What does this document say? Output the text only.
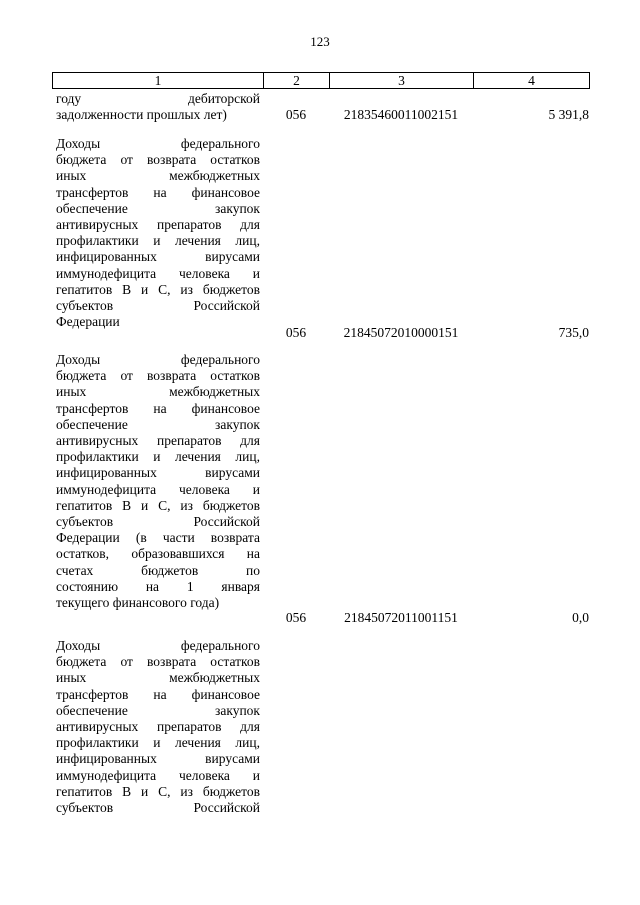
123
1	2	3	4
году дебиторской
задолженности прошлых лет)	056	21835460011002151	5 391,8
Доходы федерального
бюджета от возврата остатков
иных межбюджетных
трансфертов на финансовое
обеспечение закупок
антивирусных препаратов для
профилактики и лечения лиц,
инфицированных вирусами
иммунодефицита человека и
гепатитов В и С, из бюджетов
субъектов Российской
Федерации
056	21845072010000151	735,0
Доходы федерального
бюджета от возврата остатков
иных межбюджетных
трансфертов на финансовое
обеспечение закупок
антивирусных препаратов для
профилактики и лечения лиц,
инфицированных вирусами
иммунодефицита человека и
гепатитов В и С, из бюджетов
субъектов Российской
Федерации (в части возврата
остатков, образовавшихся на
счетах бюджетов по
состоянию на 1 января
текущего финансового года)
056	21845072011001151	0,0
Доходы федерального
бюджета от возврата остатков
иных межбюджетных
трансфертов на финансовое
обеспечение закупок
антивирусных препаратов для
профилактики и лечения лиц,
инфицированных вирусами
иммунодефицита человека и
гепатитов В и С, из бюджетов
субъектов Российской
